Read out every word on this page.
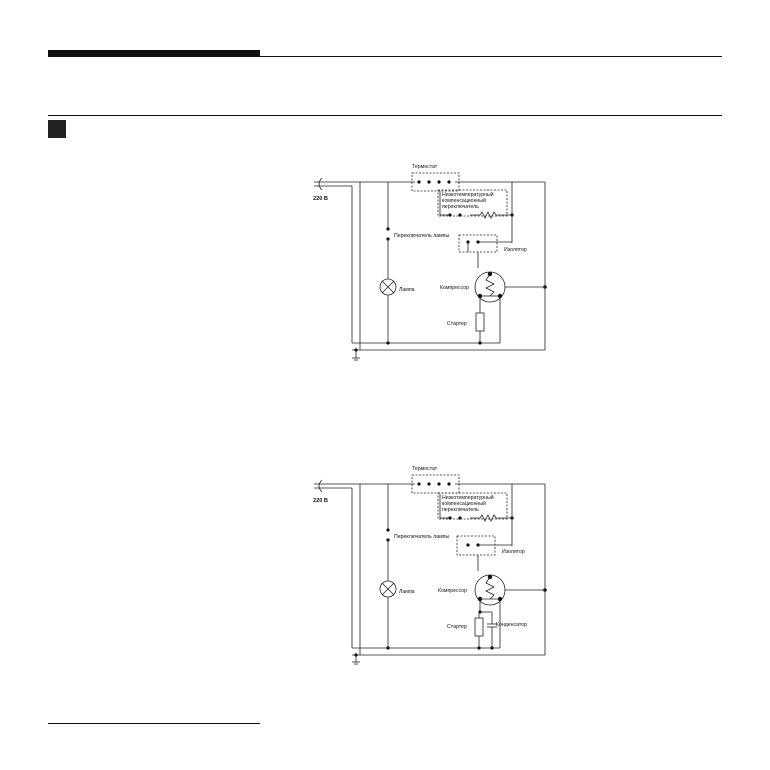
220 В
Термостат
Низкотемпературный
компенсационный
переключатель
Изолятор
Переключатель лампы
Лампа	Компрессор
Стартер
220 В
Термостат
Низкотемпературный
компенсационный
переключатель
Изолятор
Переключатель лампы
Лампа	Компрессор
Стартер	Конденсатор
